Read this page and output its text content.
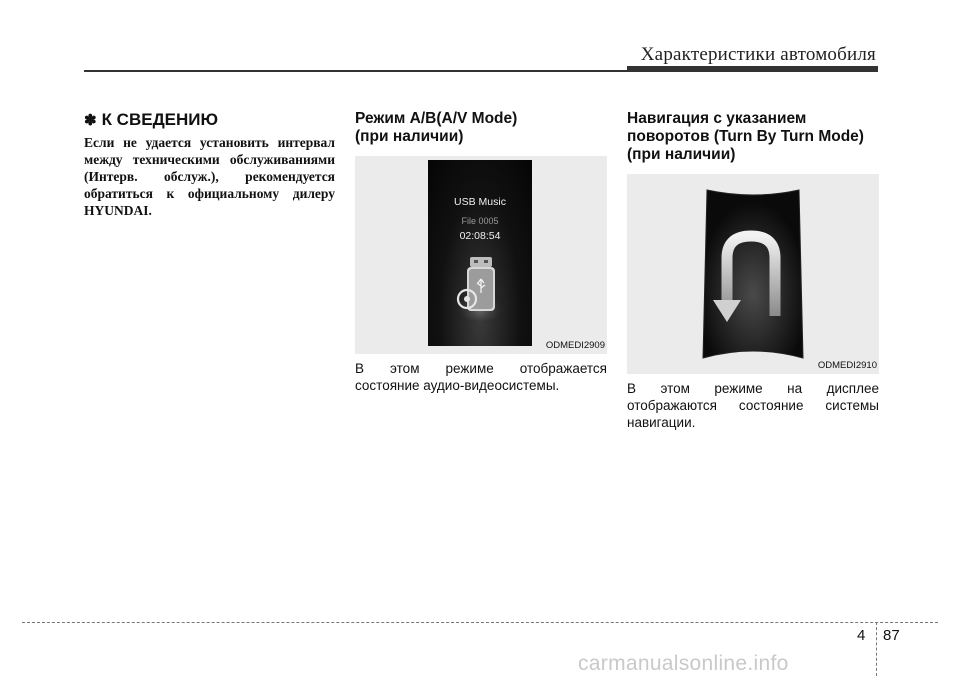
Характеристики автомобиля
✽ К СВЕДЕНИЮ

Если не удается установить интервал между техническими обслуживаниями (Интерв. обслуж.), рекомендуется обратиться к официальному дилеру HYUNDAI.

Режим A/B(A/V Mode)
(при наличии)
USB Music
File 0005
02:08:54
ODMEDI2909

В этом режиме отображается состояние аудио-видеосистемы.

Навигация с указанием
поворотов (Turn By Turn Mode)
(при наличии)
ODMEDI2910

В этом режиме на дисплее отображаются состояние системы навигации.

4 87
carmanualsonline.info
